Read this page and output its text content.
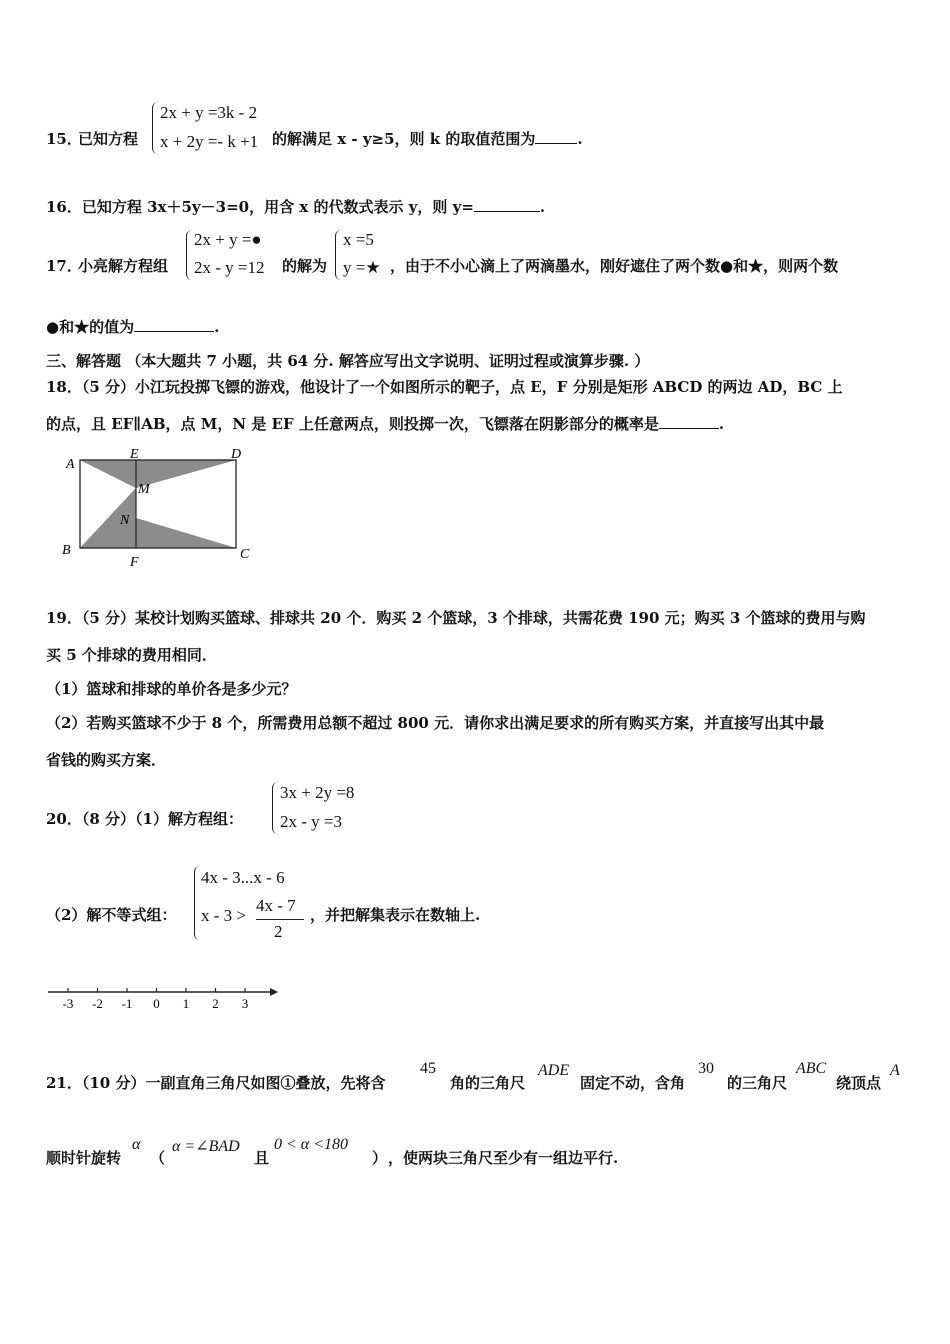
15．
已知方程
2x + y =3k - 2
x + 2y =- k +1 的解满足 x - y≥5，则 k 的取值范围为	.
16．已知方程 3x＋5y－3=0，用含 x 的代数式表示 y，则 y=	.
17．
小亮解方程组
2x + y =●
2x - y =12 的解为
x =5
y =★ ，由于不小心滴上了两滴墨水，刚好遮住了两个数●和★，则两个数
●和★的值为	.
三、解答题 （本大题共 7 小题，共 64 分. 解答应写出文字说明、证明过程或演算步骤. ）
18．（5 分）小江玩投掷飞镖的游戏，他设计了一个如图所示的靶子，点 E，F 分别是矩形 ABCD 的两边 AD，BC 上
的点，且 EF∥AB，点 M，N 是 EF 上任意两点，则投掷一次，飞镖落在阴影部分的概率是	.
A
E	D
M
N
B
F
C
19．（5 分）某校计划购买篮球、排球共 20 个．购买 2 个篮球，3 个排球，共需花费 190 元；购买 3 个篮球的费用与购
买 5 个排球的费用相同．
（1）篮球和排球的单价各是多少元？
（2）若购买篮球不少于 8 个，所需费用总额不超过 800 元．请你求出满足要求的所有购买方案，并直接写出其中最
省钱的购买方案．
20．（8 分）（1）解方程组：
3x + 2y =8
2x - y =3
（2）解不等式组：
4x - 3...x - 6
x - 3 >
4x - 7
2
，并把解集表示在数轴上.
-3 -2 -1 0 1 2 3
21．（10 分）一副直角三角尺如图①叠放，先将含
45
角的三角尺
ADE
固定不动，含角
30
的三角尺
ABC
绕顶点
A
顺时针旋转
α
（
α =∠BAD
且
0 < α <180
） ，使两块三角尺至少有一组边平行.
